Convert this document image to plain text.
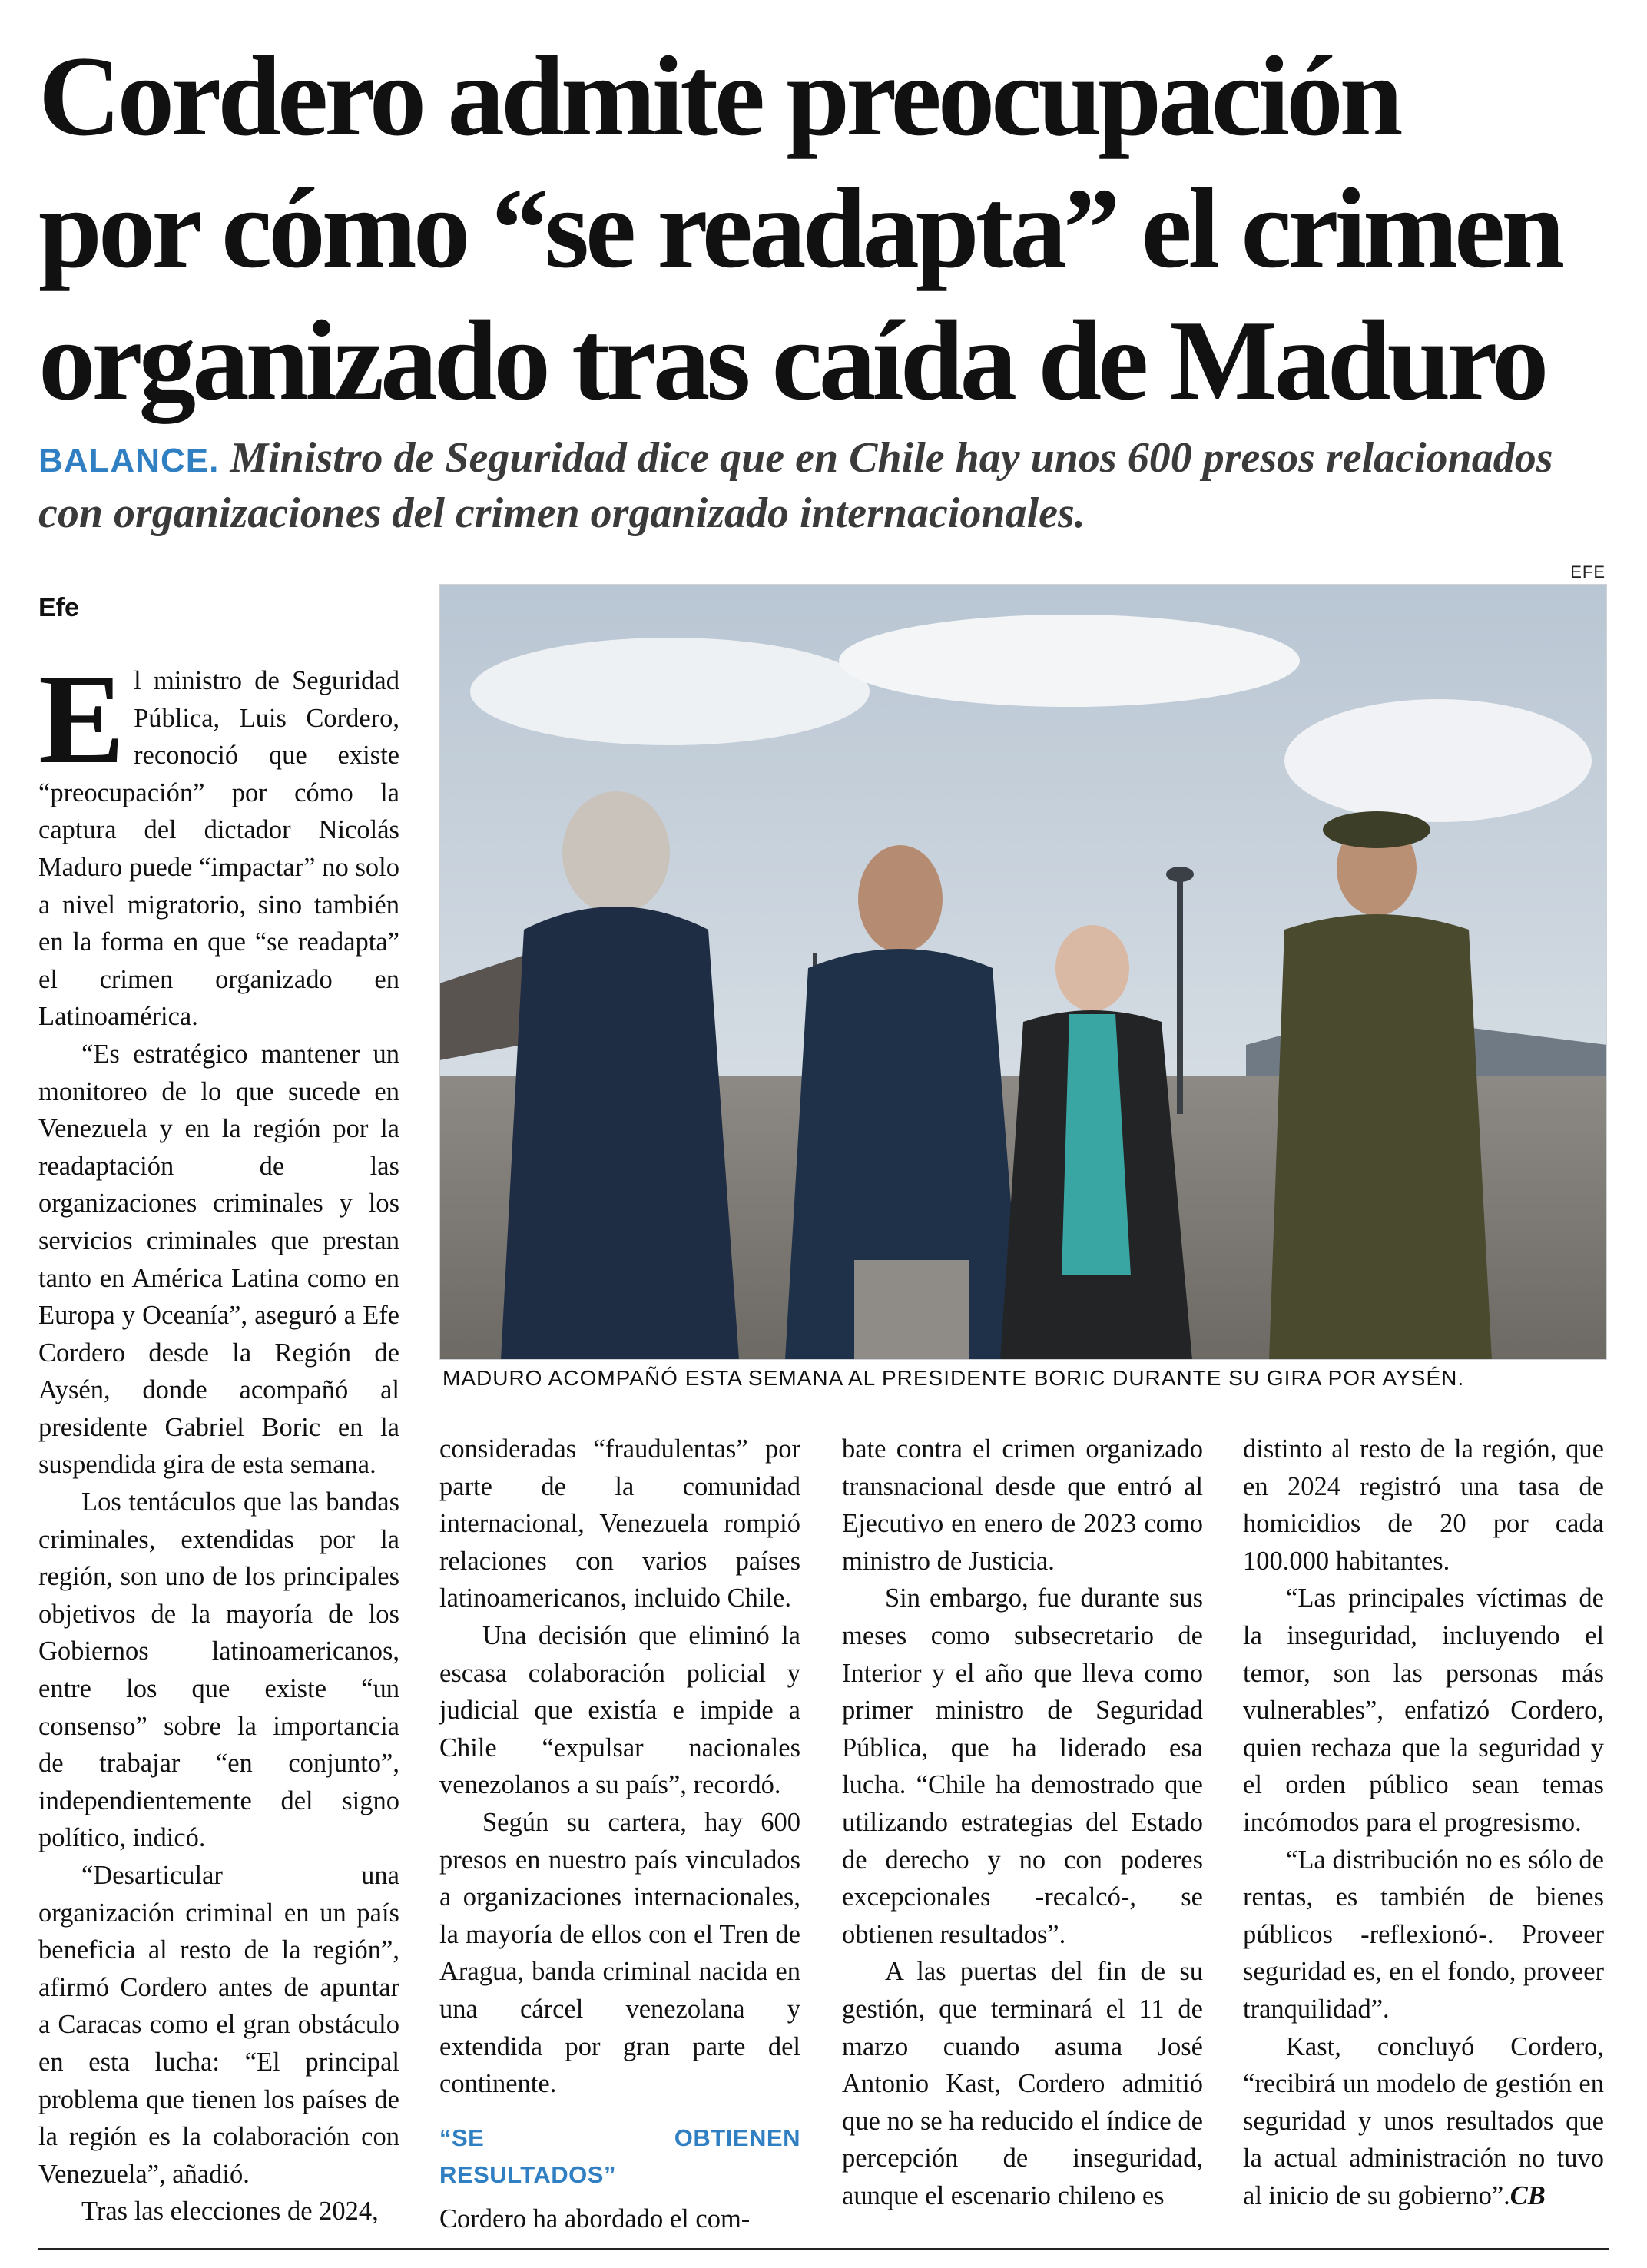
Cordero admite preocupación
por cómo “se readapta” el crimen
organizado tras caída de Maduro
BALANCE. Ministro de Seguridad dice que en Chile hay unos 600 presos relacionados con organizaciones del crimen organizado internacionales.
Efe
EFE
MADURO ACOMPAÑÓ ESTA SEMANA AL PRESIDENTE BORIC DURANTE SU GIRA POR AYSÉN.

El ministro de Seguridad Pública, Luis Cordero, reconoció que existe “preocupación” por cómo la captura del dictador Nicolás Maduro puede “impactar” no solo a nivel migratorio, sino también en la forma en que “se readapta” el crimen organizado en Latinoamérica.

“Es estratégico mantener un monitoreo de lo que sucede en Venezuela y en la región por la readaptación de las organizaciones criminales y los servicios criminales que prestan tanto en América Latina como en Europa y Oceanía”, aseguró a Efe Cordero desde la Región de Aysén, donde acompañó al presidente Gabriel Boric en la suspendida gira de esta semana.

Los tentáculos que las bandas criminales, extendidas por la región, son uno de los principales objetivos de la mayoría de los Gobiernos latinoamericanos, entre los que existe “un consenso” sobre la importancia de trabajar “en conjunto”, independientemente del signo político, indicó.

“Desarticular una organización criminal en un país beneficia al resto de la región”, afirmó Cordero antes de apuntar a Caracas como el gran obstáculo en esta lucha: “El principal problema que tienen los países de la región es la colaboración con Venezuela”, añadió.

Tras las elecciones de 2024,

consideradas “fraudulentas” por parte de la comunidad internacional, Venezuela rompió relaciones con varios países latinoamericanos, incluido Chile.

Una decisión que eliminó la escasa colaboración policial y judicial que existía e impide a Chile “expulsar nacionales venezolanos a su país”, recordó.

Según su cartera, hay 600 presos en nuestro país vinculados a organizaciones internacionales, la mayoría de ellos con el Tren de Aragua, banda criminal nacida en una cárcel venezolana y extendida por gran parte del continente.

“SE OBTIENEN RESULTADOS”

Cordero ha abordado el com-

bate contra el crimen organizado transnacional desde que entró al Ejecutivo en enero de 2023 como ministro de Justicia.

Sin embargo, fue durante sus meses como subsecretario de Interior y el año que lleva como primer ministro de Seguridad Pública, que ha liderado esa lucha. “Chile ha demostrado que utilizando estrategias del Estado de derecho y no con poderes excepcionales -recalcó-, se obtienen resultados”.

A las puertas del fin de su gestión, que terminará el 11 de marzo cuando asuma José Antonio Kast, Cordero admitió que no se ha reducido el índice de percepción de inseguridad, aunque el escenario chileno es

distinto al resto de la región, que en 2024 registró una tasa de homicidios de 20 por cada 100.000 habitantes.

“Las principales víctimas de la inseguridad, incluyendo el temor, son las personas más vulnerables”, enfatizó Cordero, quien rechaza que la seguridad y el orden público sean temas incómodos para el progresismo.

“La distribución no es sólo de rentas, es también de bienes públicos -reflexionó-. Proveer seguridad es, en el fondo, proveer tranquilidad”.

Kast, concluyó Cordero, “recibirá un modelo de gestión en seguridad y unos resultados que la actual administración no tuvo al inicio de su gobierno”.CB
